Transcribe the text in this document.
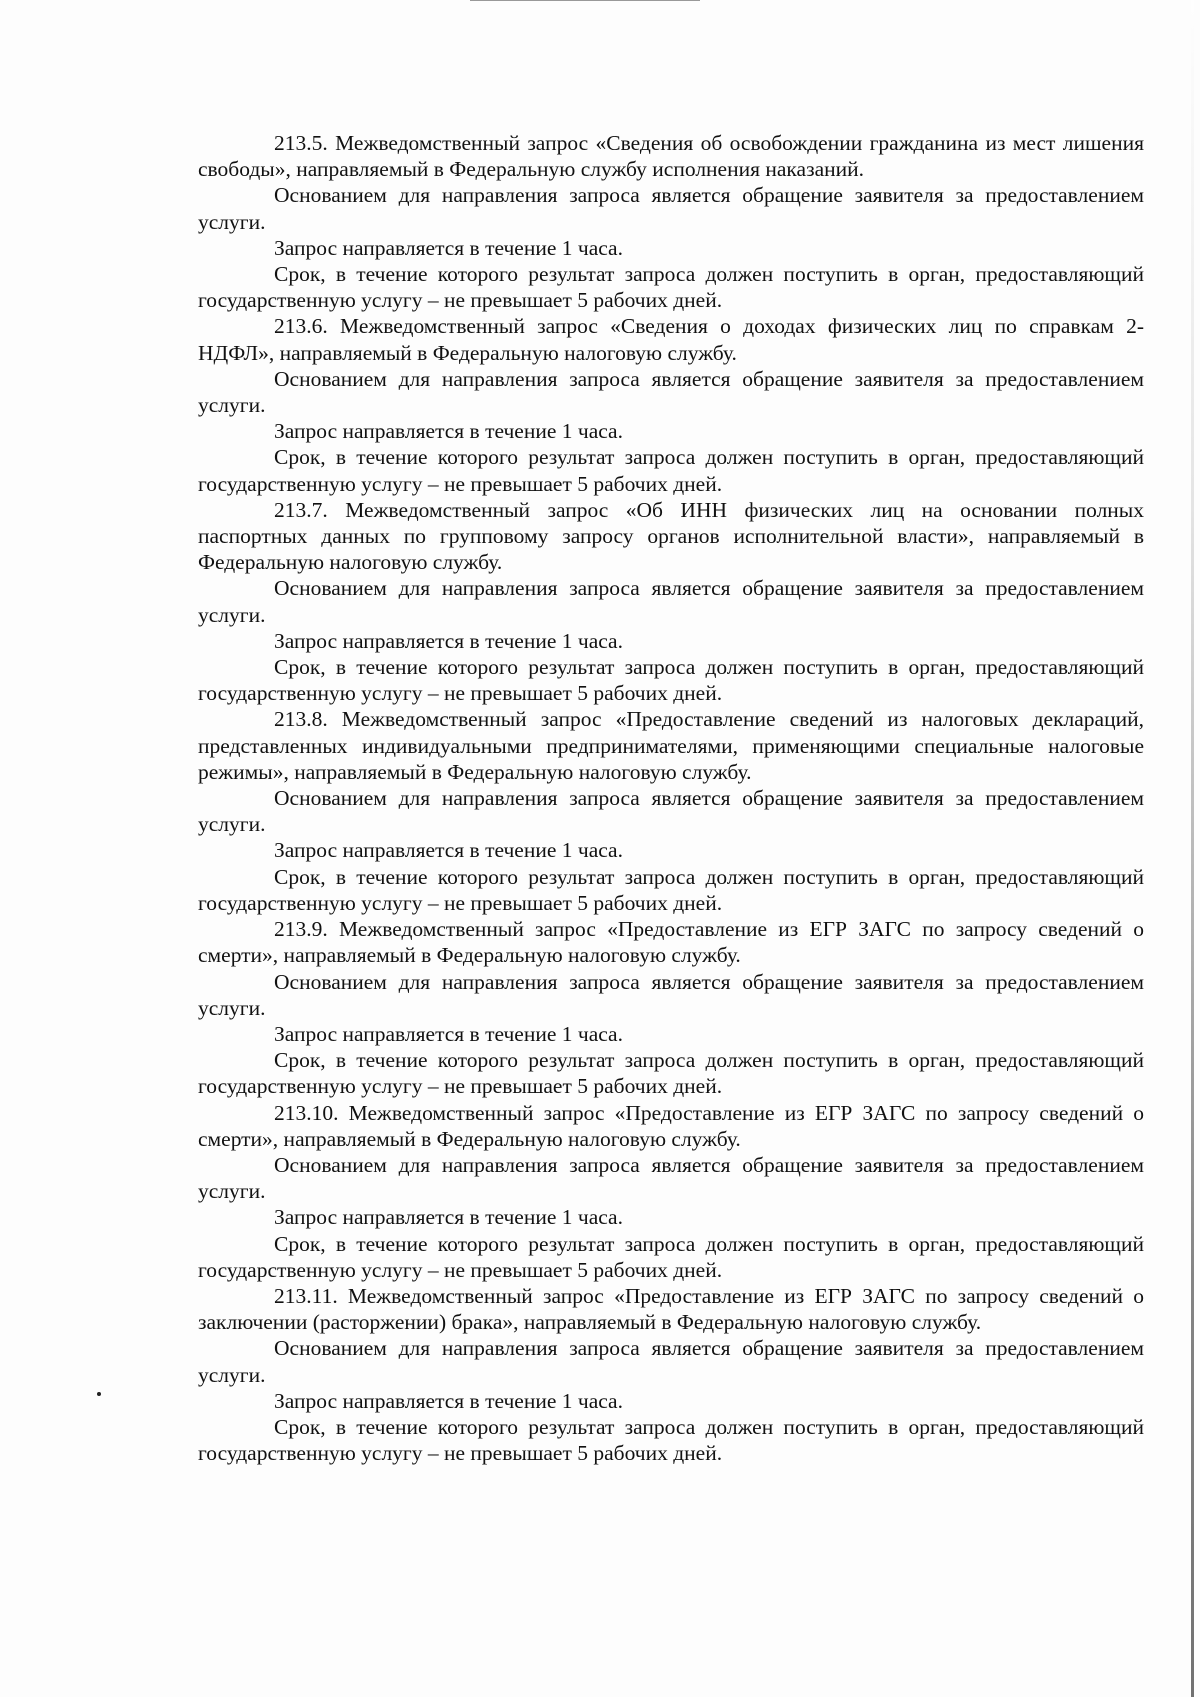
213.5. Межведомственный запрос «Сведения об освобождении гражданина из мест лишения свободы», направляемый в Федеральную службу исполнения наказаний.

Основанием для направления запроса является обращение заявителя за предоставлением услуги.

Запрос направляется в течение 1 часа.

Срок, в течение которого результат запроса должен поступить в орган, предоставляющий государственную услугу – не превышает 5 рабочих дней.

213.6. Межведомственный запрос «Сведения о доходах физических лиц по справкам 2-НДФЛ», направляемый в Федеральную налоговую службу.

Основанием для направления запроса является обращение заявителя за предоставлением услуги.

Запрос направляется в течение 1 часа.

Срок, в течение которого результат запроса должен поступить в орган, предоставляющий государственную услугу – не превышает 5 рабочих дней.

213.7. Межведомственный запрос «Об ИНН физических лиц на основании полных паспортных данных по групповому запросу органов исполнительной власти», направляемый в Федеральную налоговую службу.

Основанием для направления запроса является обращение заявителя за предоставлением услуги.

Запрос направляется в течение 1 часа.

Срок, в течение которого результат запроса должен поступить в орган, предоставляющий государственную услугу – не превышает 5 рабочих дней.

213.8. Межведомственный запрос «Предоставление сведений из налоговых деклараций, представленных индивидуальными предпринимателями, применяющими специальные налоговые режимы», направляемый в Федеральную налоговую службу.

Основанием для направления запроса является обращение заявителя за предоставлением услуги.

Запрос направляется в течение 1 часа.

Срок, в течение которого результат запроса должен поступить в орган, предоставляющий государственную услугу – не превышает 5 рабочих дней.

213.9. Межведомственный запрос «Предоставление из ЕГР ЗАГС по запросу сведений о смерти», направляемый в Федеральную налоговую службу.

Основанием для направления запроса является обращение заявителя за предоставлением услуги.

Запрос направляется в течение 1 часа.

Срок, в течение которого результат запроса должен поступить в орган, предоставляющий государственную услугу – не превышает 5 рабочих дней.

213.10. Межведомственный запрос «Предоставление из ЕГР ЗАГС по запросу сведений о смерти», направляемый в Федеральную налоговую службу.

Основанием для направления запроса является обращение заявителя за предоставлением услуги.

Запрос направляется в течение 1 часа.

Срок, в течение которого результат запроса должен поступить в орган, предоставляющий государственную услугу – не превышает 5 рабочих дней.

213.11. Межведомственный запрос «Предоставление из ЕГР ЗАГС по запросу сведений о заключении (расторжении) брака», направляемый в Федеральную налоговую службу.

Основанием для направления запроса является обращение заявителя за предоставлением услуги.

Запрос направляется в течение 1 часа.

Срок, в течение которого результат запроса должен поступить в орган, предоставляющий государственную услугу – не превышает 5 рабочих дней.
